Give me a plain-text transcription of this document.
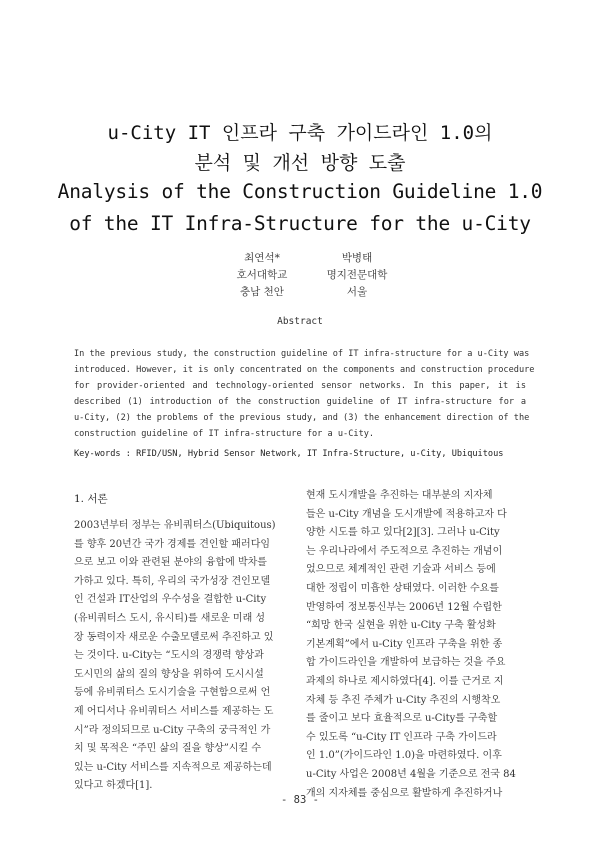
u-City IT 인프라 구축 가이드라인 1.0의
분석 및 개선 방향 도출
Analysis of the Construction Guideline 1.0
of the IT Infra-Structure for the u-City
최연석*
호서대학교
충남 천안
박병태
명지전문대학
서울
Abstract
In the previous study, the construction guideline of IT infra-structure for a u-City was
introduced. However, it is only concentrated on the components and construction procedure
for provider-oriented and technology-oriented sensor networks. In this paper, it is
described (1) introduction of the construction guideline of IT infra-structure for a
u-City, (2) the problems of the previous study, and (3) the enhancement direction of the
construction guideline of IT infra-structure for a u-City.
Key-words : RFID/USN, Hybrid Sensor Network, IT Infra-Structure, u-City, Ubiquitous
1. 서론
2003년부터 정부는 유비쿼터스(Ubiquitous)
를 향후 20년간 국가 경제를 견인할 패러다임
으로 보고 이와 관련된 분야의 융합에 박차를
가하고 있다. 특히, 우리의 국가성장 견인모델
인 건설과 IT산업의 우수성을 결합한 u-City
(유비쿼터스 도시, 유시티)를 새로운 미래 성
장 동력이자 새로운 수출모델로써 추진하고 있
는 것이다. u-City는 “도시의 경쟁력 향상과
도시민의 삶의 질의 향상을 위하여 도시시설
등에 유비쿼터스 도시기술을 구현함으로써 언
제 어디서나 유비쿼터스 서비스를 제공하는 도
시”라 정의되므로 u-City 구축의 궁극적인 가
치 및 목적은 “주민 삶의 질을 향상”시킬 수
있는 u-City 서비스를 지속적으로 제공하는데
있다고 하겠다[1].
현재 도시개발을 추진하는 대부분의 지자체
들은 u-City 개념을 도시개발에 적용하고자 다
양한 시도를 하고 있다[2][3]. 그러나 u-City
는 우리나라에서 주도적으로 추진하는 개념이
었으므로 체계적인 관련 기술과 서비스 등에
대한 정립이 미흡한 상태였다. 이러한 수요를
반영하여 정보통신부는 2006년 12월 수립한
“희망 한국 실현을 위한 u-City 구축 활성화
기본계획”에서 u-City 인프라 구축을 위한 종
합 가이드라인을 개발하여 보급하는 것을 주요
과제의 하나로 제시하였다[4]. 이를 근거로 지
자체 등 추진 주체가 u-City 추진의 시행착오
를 줄이고 보다 효율적으로 u-City를 구축할
수 있도록 “u-City IT 인프라 구축 가이드라
인 1.0”(가이드라인 1.0)을 마련하였다. 이후
u-City 사업은 2008년 4월을 기준으로 전국 84
개의 지자체를 중심으로 활발하게 추진하거나
- 83 -
